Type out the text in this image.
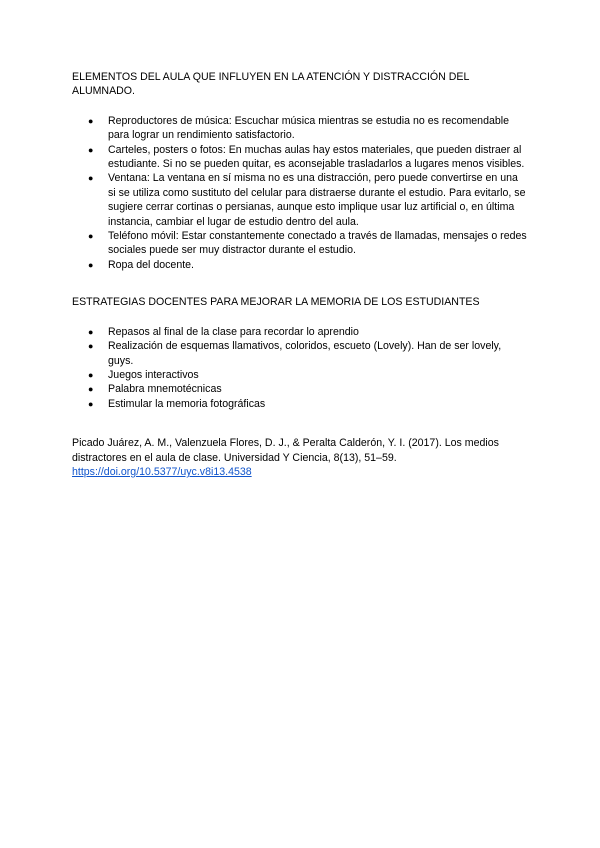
ELEMENTOS DEL AULA QUE INFLUYEN EN LA ATENCIÓN Y DISTRACCIÓN DEL ALUMNADO.

● Reproductores de música: Escuchar música mientras se estudia no es recomendable para lograr un rendimiento satisfactorio.
● Carteles, posters o fotos: En muchas aulas hay estos materiales, que pueden distraer al estudiante. Si no se pueden quitar, es aconsejable trasladarlos a lugares menos visibles.
● Ventana: La ventana en sí misma no es una distracción, pero puede convertirse en una si se utiliza como sustituto del celular para distraerse durante el estudio. Para evitarlo, se sugiere cerrar cortinas o persianas, aunque esto implique usar luz artificial o, en última instancia, cambiar el lugar de estudio dentro del aula.
● Teléfono móvil: Estar constantemente conectado a través de llamadas, mensajes o redes sociales puede ser muy distractor durante el estudio.
● Ropa del docente.

ESTRATEGIAS DOCENTES PARA MEJORAR LA MEMORIA DE LOS ESTUDIANTES

● Repasos al final de la clase para recordar lo aprendio
● Realización de esquemas llamativos, coloridos, escueto (Lovely). Han de ser lovely, guys.
● Juegos interactivos
● Palabra mnemotécnicas
● Estimular la memoria fotográficas
Picado Juárez, A. M., Valenzuela Flores, D. J., & Peralta Calderón, Y. I. (2017). Los medios distractores en el aula de clase. Universidad Y Ciencia, 8(13), 51–59.
https://doi.org/10.5377/uyc.v8i13.4538
